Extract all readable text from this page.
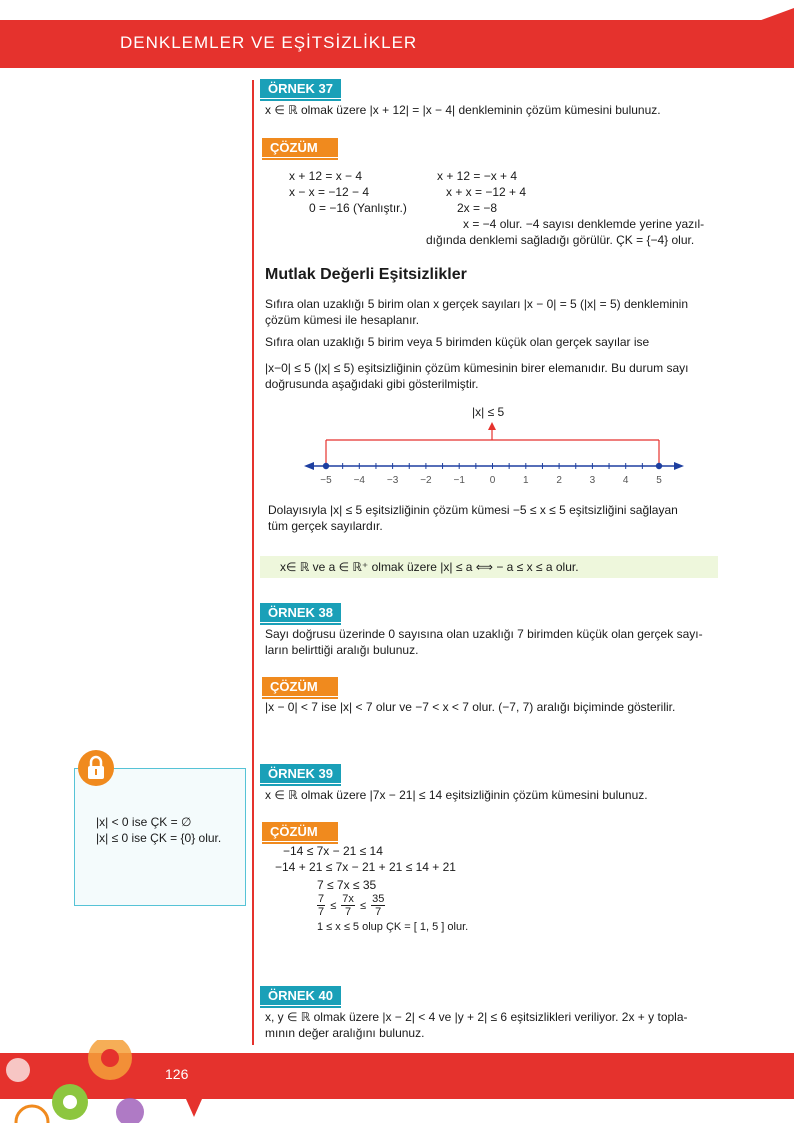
DENKLEMLER VE EŞİTSİZLİKLER
ÖRNEK 37
x ∈ ℝ olmak üzere |x + 12| = |x − 4| denkleminin çözüm kümesini bulunuz.
ÇÖZÜM
x + 12 = x − 4
x − x = −12 − 4
0 = −16 (Yanlıştır.)
x + 12 = −x + 4
x + x = −12 + 4
2x = −8
x = −4 olur. −4 sayısı denklemde yerine yazıl-
dığında denklemi sağladığı görülür. ÇK = {−4} olur.
Mutlak Değerli Eşitsizlikler
Sıfıra olan uzaklığı 5 birim olan x gerçek sayıları |x − 0| = 5 (|x| = 5) denkleminin
çözüm kümesi ile hesaplanır.
Sıfıra olan uzaklığı 5 birim veya 5 birimden küçük olan gerçek sayılar ise
|x−0| ≤ 5 (|x| ≤ 5) eşitsizliğinin çözüm kümesinin birer elemanıdır. Bu durum sayı
doğrusunda aşağıdaki gibi gösterilmiştir.
|x| ≤ 5
−5 −4 −3 −2 −1	0	1	2	3	4	5
Dolayısıyla |x| ≤ 5 eşitsizliğinin çözüm kümesi −5 ≤ x ≤ 5 eşitsizliğini sağlayan
tüm gerçek sayılardır.
x∈ ℝ ve a ∈ ℝ⁺ olmak üzere |x| ≤ a ⟺ − a ≤ x ≤ a olur.
ÖRNEK 38
Sayı doğrusu üzerinde 0 sayısına olan uzaklığı 7 birimden küçük olan gerçek sayı-
ların belirttiği aralığı bulunuz.
ÇÖZÜM
|x − 0| < 7 ise |x| < 7 olur ve −7 < x < 7 olur. (−7, 7) aralığı biçiminde gösterilir.
|x| < 0 ise ÇK = ∅
|x| ≤ 0 ise ÇK = {0} olur.
ÖRNEK 39
x ∈ ℝ olmak üzere |7x − 21| ≤ 14 eşitsizliğinin çözüm kümesini bulunuz.
ÇÖZÜM
−14 ≤ 7x − 21 ≤ 14
−14 + 21 ≤ 7x − 21 + 21 ≤ 14 + 21
7 ≤ 7x ≤ 35
$\frac{7}{7} \le \frac{7x}{7} \le \frac{35}{7}$
1 ≤ x ≤ 5 olup ÇK = [ 1, 5 ] olur.
ÖRNEK 40
x, y ∈ ℝ olmak üzere |x − 2| < 4 ve |y + 2| ≤ 6 eşitsizlikleri veriliyor. 2x + y topla-
mının değer aralığını bulunuz.
05
126
